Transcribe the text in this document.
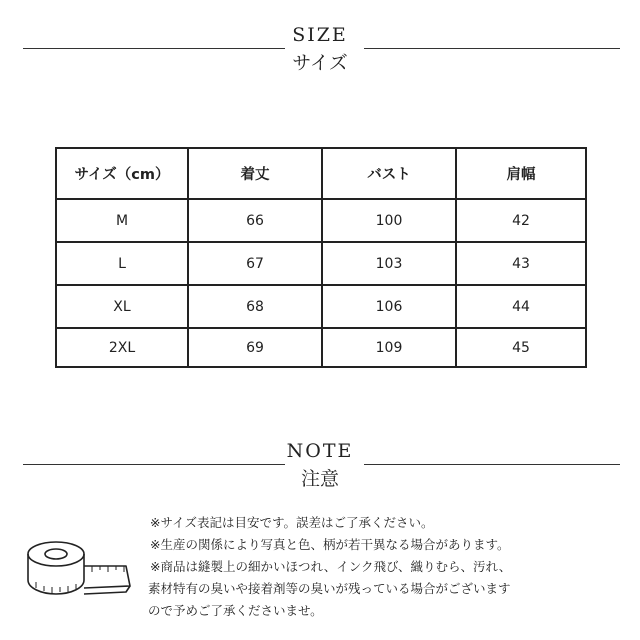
SIZE
サイズ
サイズ（cm）	着丈	バスト	肩幅
M	66	100	42
L	67	103	43
XL	68	106	44
2XL	69	109	45
NOTE
注意
※サイズ表記は目安です。誤差はご了承ください。
※生産の関係により写真と色、柄が若干異なる場合があります。
※商品は縫製上の細かいほつれ、インク飛び、織りむら、汚れ、
素材特有の臭いや接着剤等の臭いが残っている場合がございます
ので予めご了承くださいませ。
